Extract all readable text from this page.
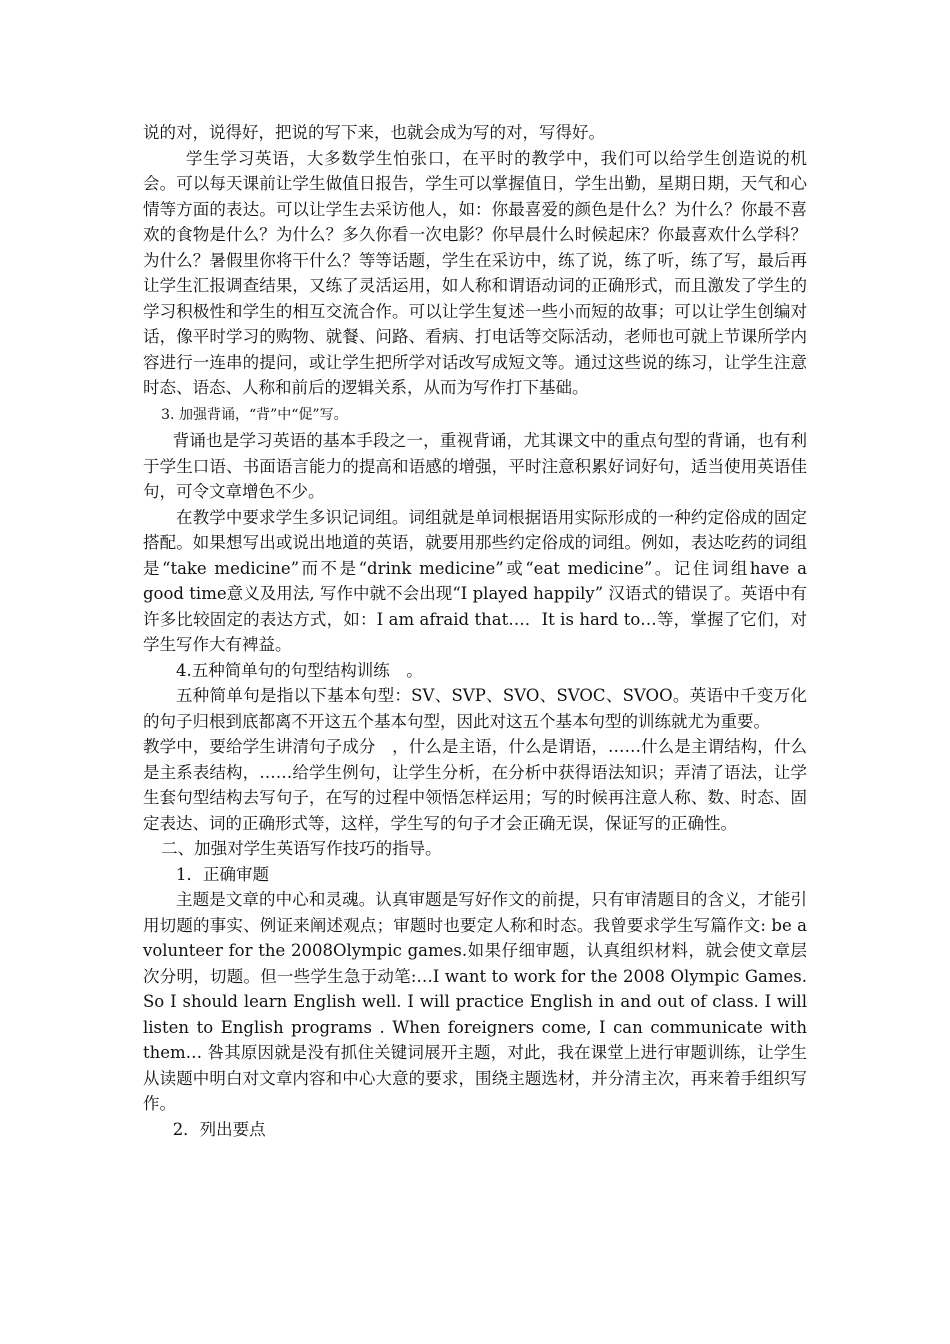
说的对，说得好，把说的写下来，也就会成为写的对，写得好。

学生学习英语，大多数学生怕张口，在平时的教学中，我们可以给学生创造说的机会。可以每天课前让学生做值日报告，学生可以掌握值日，学生出勤，星期日期，天气和心情等方面的表达。可以让学生去采访他人，如：你最喜爱的颜色是什么？为什么？你最不喜欢的食物是什么？为什么？多久你看一次电影？你早晨什么时候起床？你最喜欢什么学科？为什么？暑假里你将干什么？等等话题，学生在采访中，练了说，练了听，练了写，最后再让学生汇报调查结果，又练了灵活运用，如人称和谓语动词的正确形式，而且激发了学生的学习积极性和学生的相互交流合作。可以让学生复述一些小而短的故事；可以让学生创编对话，像平时学习的购物、就餐、问路、看病、打电话等交际活动，老师也可就上节课所学内容进行一连串的提问，或让学生把所学对话改写成短文等。通过这些说的练习，让学生注意时态、语态、人称和前后的逻辑关系，从而为写作打下基础。

3. 加强背诵，“背”中“促”写。

背诵也是学习英语的基本手段之一，重视背诵，尤其课文中的重点句型的背诵，也有利于学生口语、书面语言能力的提高和语感的增强，平时注意积累好词好句，适当使用英语佳句，可令文章增色不少。

在教学中要求学生多识记词组。词组就是单词根据语用实际形成的一种约定俗成的固定搭配。如果想写出或说出地道的英语，就要用那些约定俗成的词组。例如，表达吃药的词组是“take medicine”而不是“drink medicine”或“eat medicine”。记住词组have a good time意义及用法, 写作中就不会出现“I played happily” 汉语式的错误了。英语中有许多比较固定的表达方式，如：I am afraid that…．It is hard to…等，掌握了它们，对学生写作大有裨益。

4.五种简单句的句型结构训练　。

五种简单句是指以下基本句型：SV、SVP、SVO、SVOC、SVOO。英语中千变万化的句子归根到底都离不开这五个基本句型，因此对这五个基本句型的训练就尤为重要。

教学中，要给学生讲清句子成分　，什么是主语，什么是谓语，……什么是主谓结构，什么是主系表结构，……给学生例句，让学生分析，在分析中获得语法知识；弄清了语法，让学生套句型结构去写句子，在写的过程中领悟怎样运用；写的时候再注意人称、数、时态、固定表达、词的正确形式等，这样，学生写的句子才会正确无误，保证写的正确性。

二、加强对学生英语写作技巧的指导。

1．正确审题

主题是文章的中心和灵魂。认真审题是写好作文的前提，只有审清题目的含义，才能引用切题的事实、例证来阐述观点；审题时也要定人称和时态。我曾要求学生写篇作文: be a volunteer for the 2008Olympic games.如果仔细审题，认真组织材料，就会使文章层次分明，切题。但一些学生急于动笔:…I want to work for the 2008 Olympic Games. So I should learn English well. I will practice English in and out of class. I will listen to English programs . When foreigners come, I can communicate with them… 咎其原因就是没有抓住关键词展开主题，对此，我在课堂上进行审题训练，让学生从读题中明白对文章内容和中心大意的要求，围绕主题选材，并分清主次，再来着手组织写作。

2．列出要点
